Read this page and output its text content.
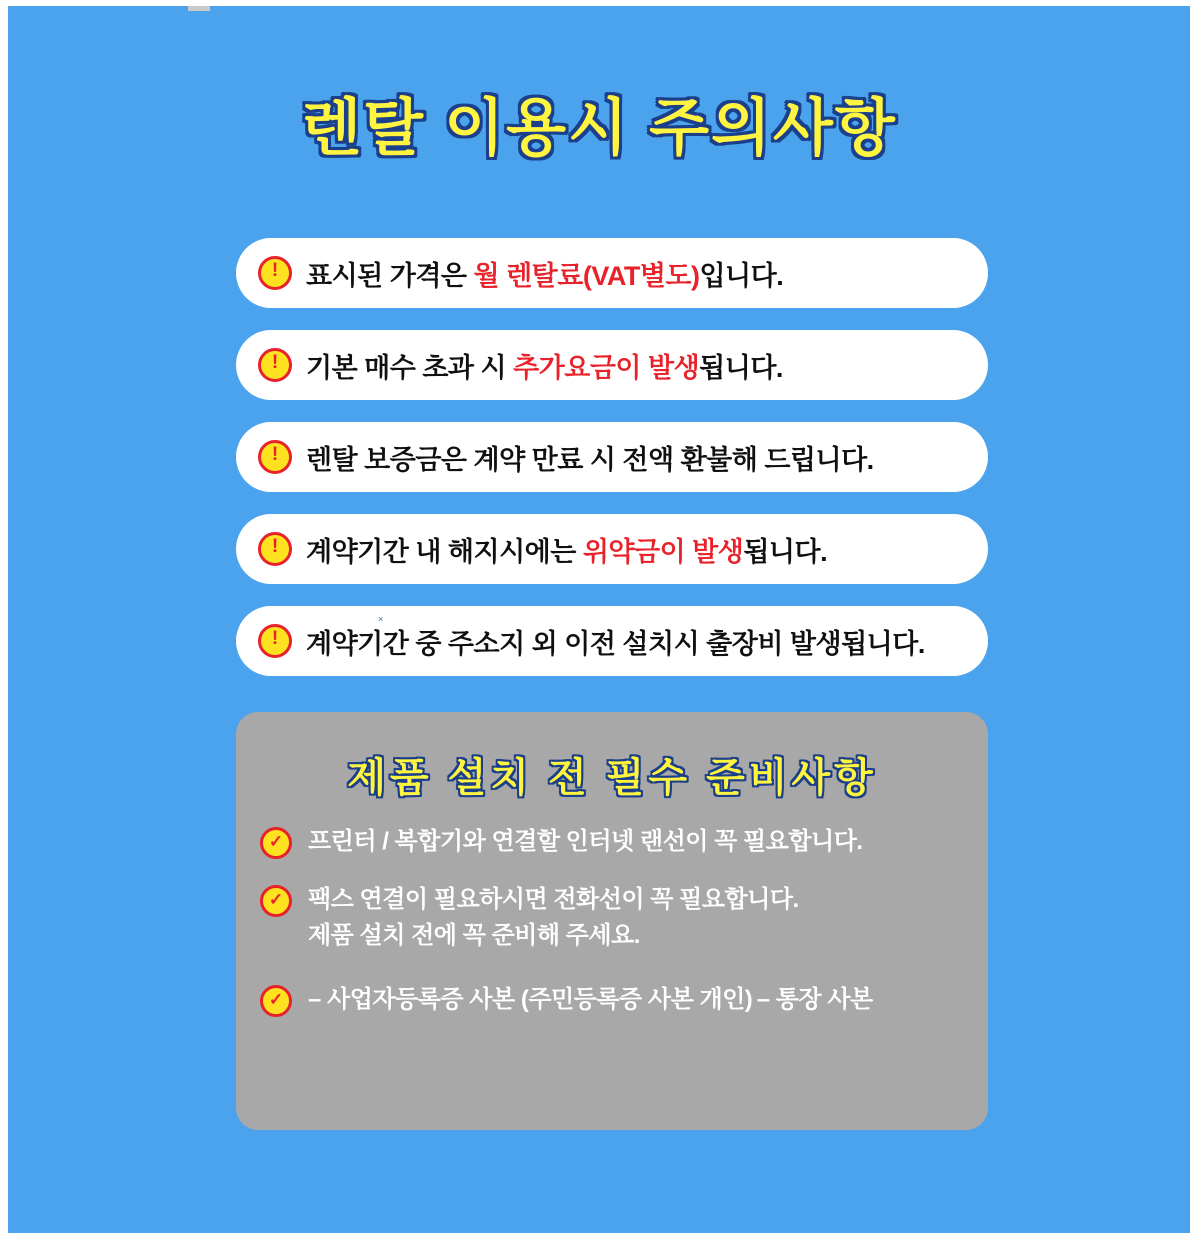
렌탈 이용시 주의사항
!	표시된 가격은 월 렌탈료(VAT별도)입니다.
!	기본 매수 초과 시 추가요금이 발생됩니다.
!	렌탈 보증금은 계약 만료 시 전액 환불해 드립니다.
!	계약기간 내 해지시에는 위약금이 발생됩니다.
!	계약기간 중 주소지 외 이전 설치시 출장비 발생됩니다.
×
제품 설치 전 필수 준비사항
✓	프린터 / 복합기와 연결할 인터넷 랜선이 꼭 필요합니다.
✓	팩스 연결이 필요하시면 전화선이 꼭 필요합니다. 제품 설치 전에 꼭 준비해 주세요.
✓	– 사업자등록증 사본 (주민등록증 사본 개인) – 통장 사본
